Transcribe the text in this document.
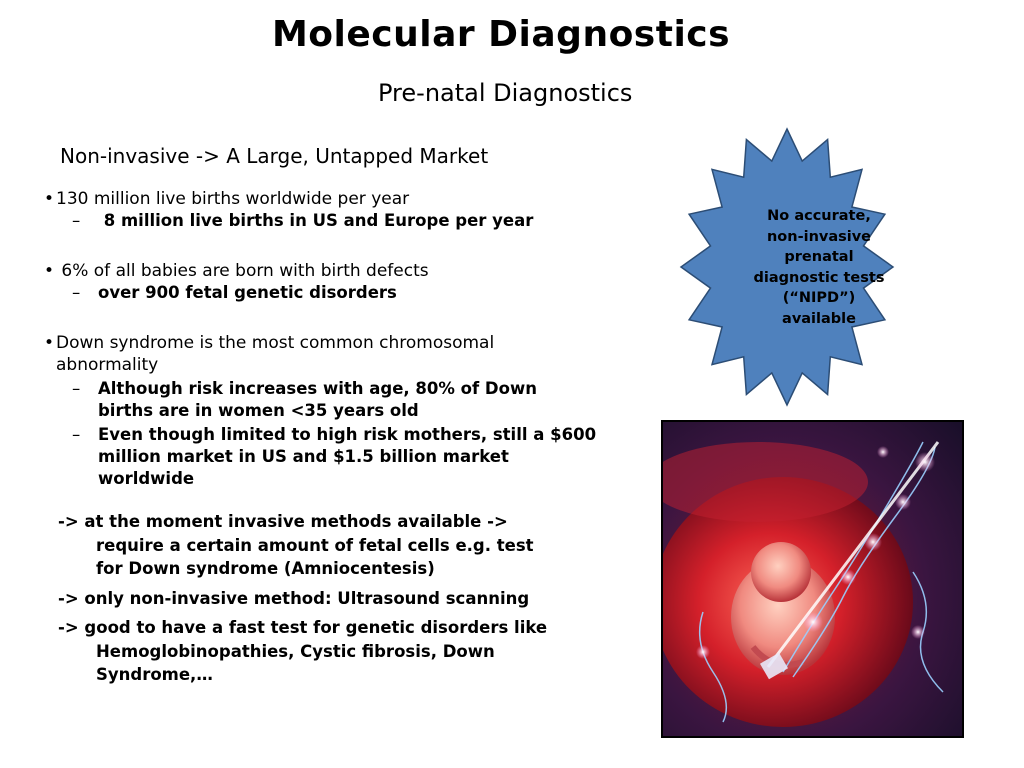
Molecular Diagnostics
Pre-natal Diagnostics
Non-invasive -> A Large, Untapped Market
• 130 million live births worldwide per year
– 8 million live births in US and Europe per year
• 6% of all babies are born with birth defects
– over 900 fetal genetic disorders
• Down syndrome is the most common chromosomal
abnormality
– Although risk increases with age, 80% of Down
births are in women <35 years old
– Even though limited to high risk mothers, still a $600
million market in US and $1.5 billion market
worldwide
-> at the moment invasive methods available ->
require a certain amount of fetal cells e.g. test
for Down syndrome (Amniocentesis)
-> only non-invasive method: Ultrasound scanning
-> good to have a fast test for genetic disorders like
Hemoglobinopathies, Cystic fibrosis, Down
Syndrome,…
No accurate,
non-invasive
prenatal
diagnostic tests
(“NIPD”)
available
